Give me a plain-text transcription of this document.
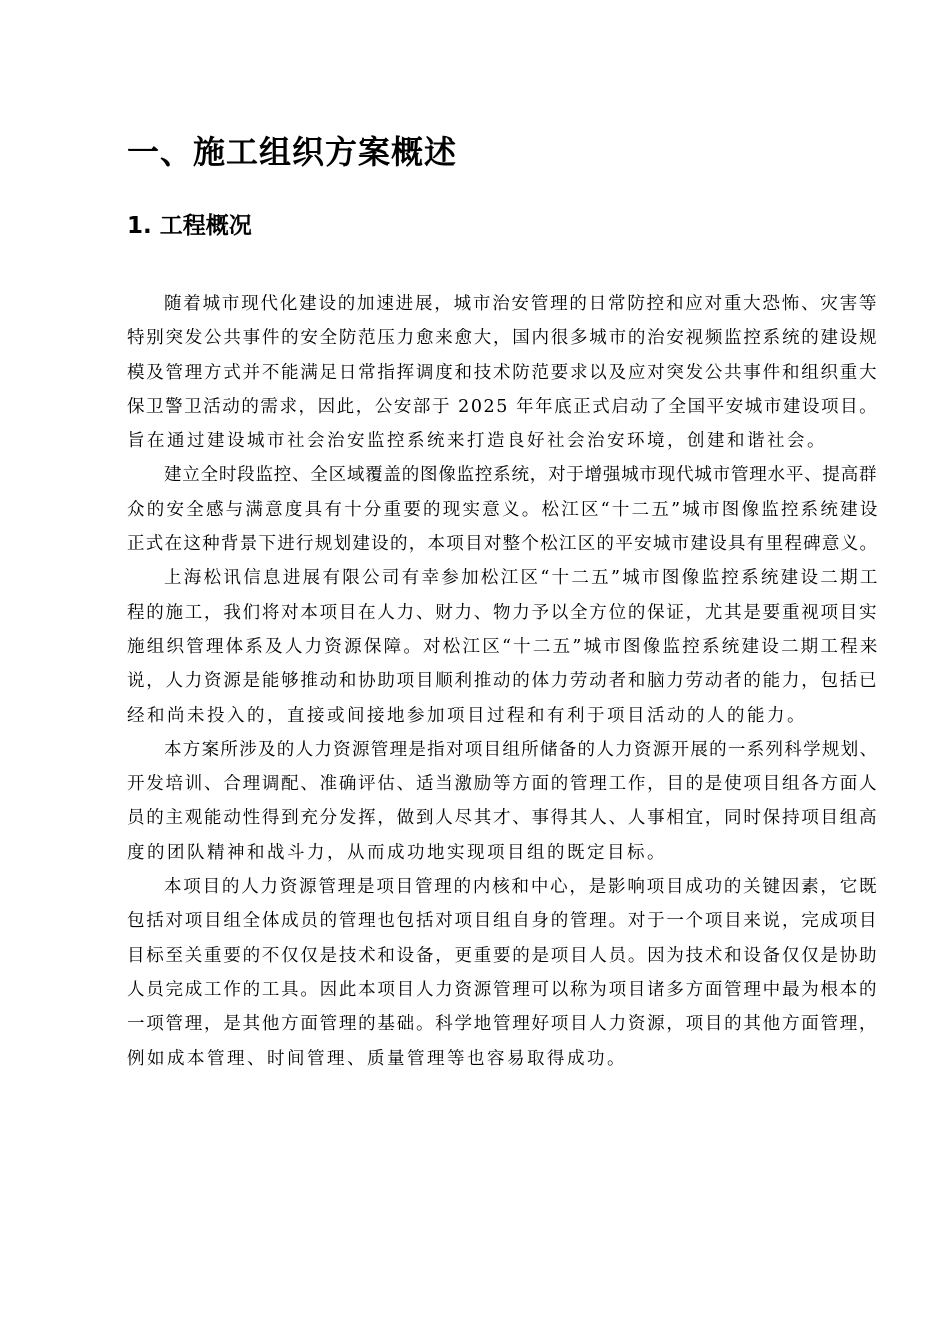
一、施工组织方案概述
1. 工程概况
随着城市现代化建设的加速进展，城市治安管理的日常防控和应对重大恐怖、灾害等
特别突发公共事件的安全防范压力愈来愈大，国内很多城市的治安视频监控系统的建设规
模及管理方式并不能满足日常指挥调度和技术防范要求以及应对突发公共事件和组织重大
保卫警卫活动的需求，因此，公安部于 2025 年年底正式启动了全国平安城市建设项目。
旨在通过建设城市社会治安监控系统来打造良好社会治安环境，创建和谐社会。
建立全时段监控、全区域覆盖的图像监控系统，对于增强城市现代城市管理水平、提高群
众的安全感与满意度具有十分重要的现实意义。松江区“十二五”城市图像监控系统建设
正式在这种背景下进行规划建设的，本项目对整个松江区的平安城市建设具有里程碑意义。
上海松讯信息进展有限公司有幸参加松江区“十二五”城市图像监控系统建设二期工
程的施工，我们将对本项目在人力、财力、物力予以全方位的保证，尤其是要重视项目实
施组织管理体系及人力资源保障。对松江区“十二五”城市图像监控系统建设二期工程来
说，人力资源是能够推动和协助项目顺利推动的体力劳动者和脑力劳动者的能力，包括已
经和尚未投入的，直接或间接地参加项目过程和有利于项目活动的人的能力。
本方案所涉及的人力资源管理是指对项目组所储备的人力资源开展的一系列科学规划、
开发培训、合理调配、准确评估、适当激励等方面的管理工作，目的是使项目组各方面人
员的主观能动性得到充分发挥，做到人尽其才、事得其人、人事相宜，同时保持项目组高
度的团队精神和战斗力，从而成功地实现项目组的既定目标。
本项目的人力资源管理是项目管理的内核和中心，是影响项目成功的关键因素，它既
包括对项目组全体成员的管理也包括对项目组自身的管理。对于一个项目来说，完成项目
目标至关重要的不仅仅是技术和设备，更重要的是项目人员。因为技术和设备仅仅是协助
人员完成工作的工具。因此本项目人力资源管理可以称为项目诸多方面管理中最为根本的
一项管理，是其他方面管理的基础。科学地管理好项目人力资源，项目的其他方面管理，
例如成本管理、时间管理、质量管理等也容易取得成功。
